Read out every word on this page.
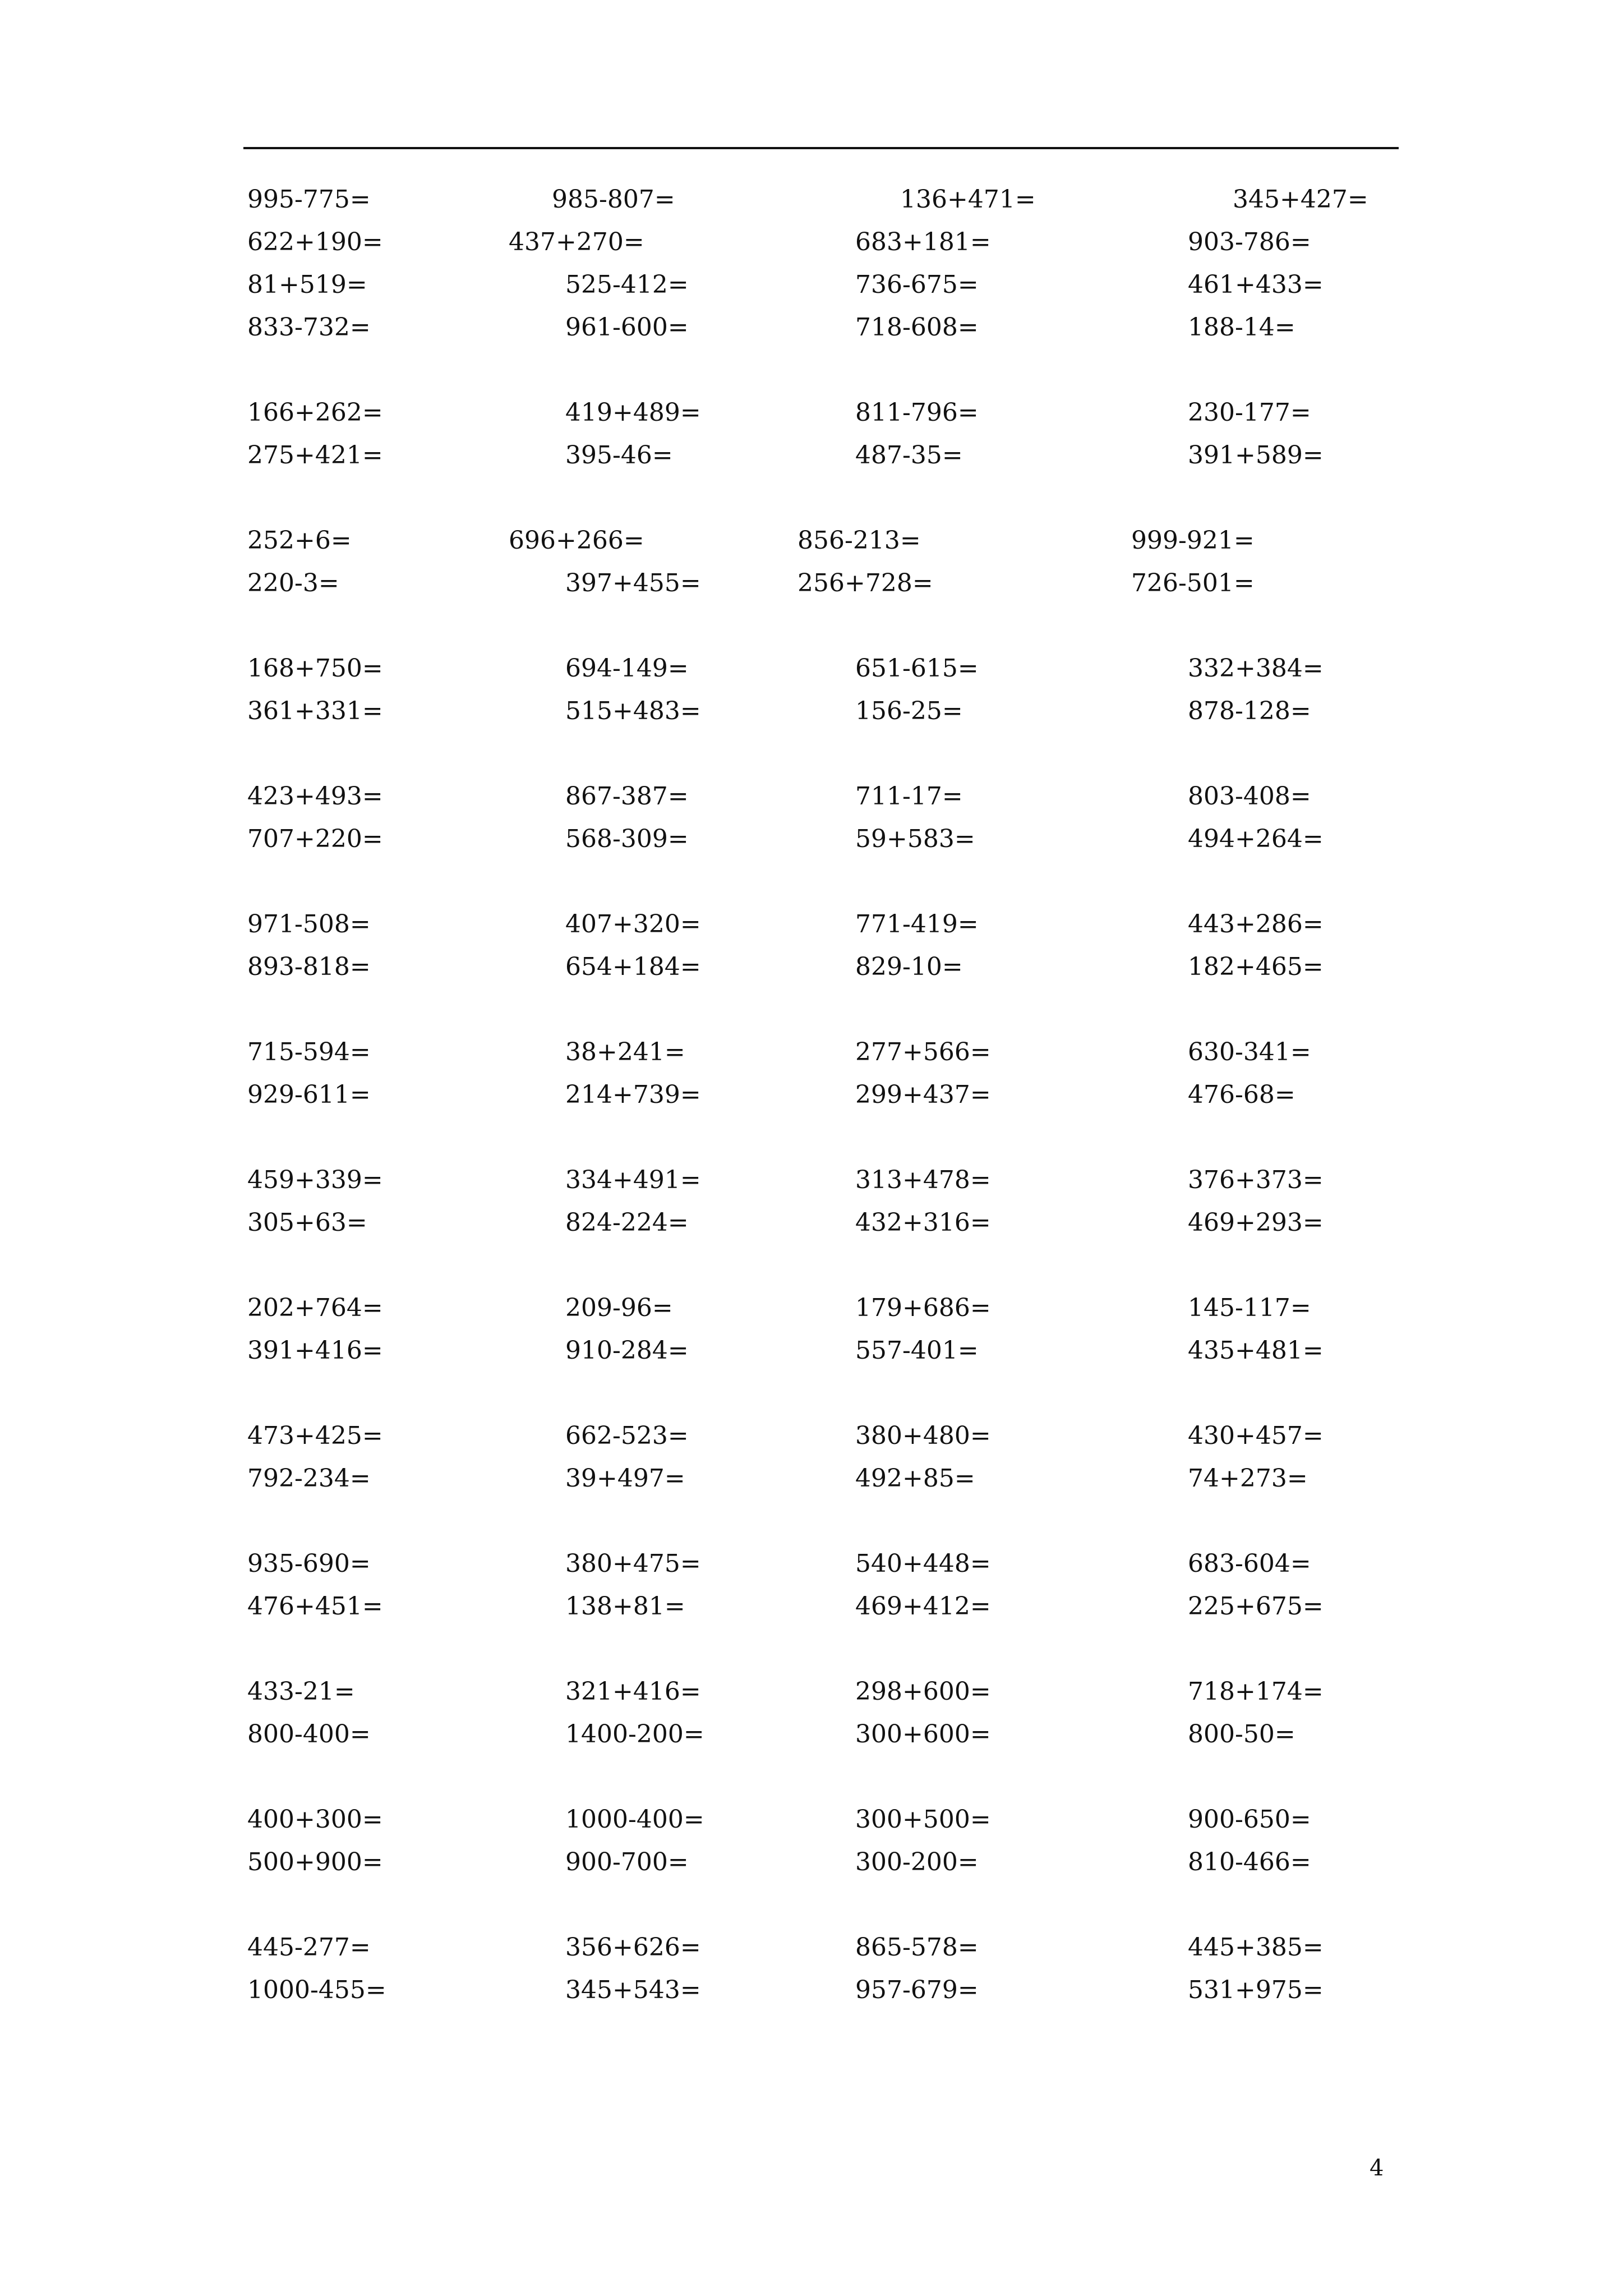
995-775=	985-807=	136+471=	345+427=
622+190=	437+270=	683+181=	903-786=
81+519=	525-412=	736-675=	461+433=
833-732=	961-600=	718-608=	188-14=
166+262=	419+489=	811-796=	230-177=
275+421=	395-46=	487-35=	391+589=
252+6=	696+266=	856-213=	999-921=
220-3=	397+455=	256+728=	726-501=
168+750=	694-149=	651-615=	332+384=
361+331=	515+483=	156-25=	878-128=
423+493=	867-387=	711-17=	803-408=
707+220=	568-309=	59+583=	494+264=
971-508=	407+320=	771-419=	443+286=
893-818=	654+184=	829-10=	182+465=
715-594=	38+241=	277+566=	630-341=
929-611=	214+739=	299+437=	476-68=
459+339=	334+491=	313+478=	376+373=
305+63=	824-224=	432+316=	469+293=
202+764=	209-96=	179+686=	145-117=
391+416=	910-284=	557-401=	435+481=
473+425=	662-523=	380+480=	430+457=
792-234=	39+497=	492+85=	74+273=
935-690=	380+475=	540+448=	683-604=
476+451=	138+81=	469+412=	225+675=
433-21=	321+416=	298+600=	718+174=
800-400=	1400-200=	300+600=	800-50=
400+300=	1000-400=	300+500=	900-650=
500+900=	900-700=	300-200=	810-466=
445-277=	356+626=	865-578=	445+385=
1000-455=	345+543=	957-679=	531+975=
4
